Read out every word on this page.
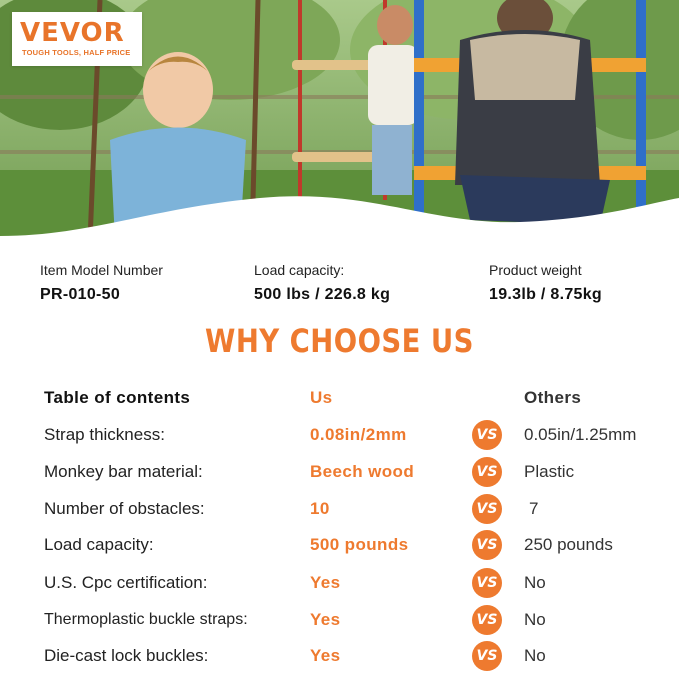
VEVOR
TOUGH TOOLS, HALF PRICE
Item Model Number
PR-010-50
Load capacity:
500 lbs / 226.8 kg
Product weight
19.3lb / 8.75kg
WHY CHOOSE US
Table of contents	Us	Others
Strap thickness:	0.08in/2mm	VS 0.05in/1.25mm
Monkey bar material:	Beech wood	VS Plastic
Number of obstacles:	10	VS 7
Load capacity:	500 pounds	VS 250 pounds
U.S. Cpc certification:	Yes	VS No
Thermoplastic buckle straps:	Yes	VS No
Die-cast lock buckles:	Yes	VS No
